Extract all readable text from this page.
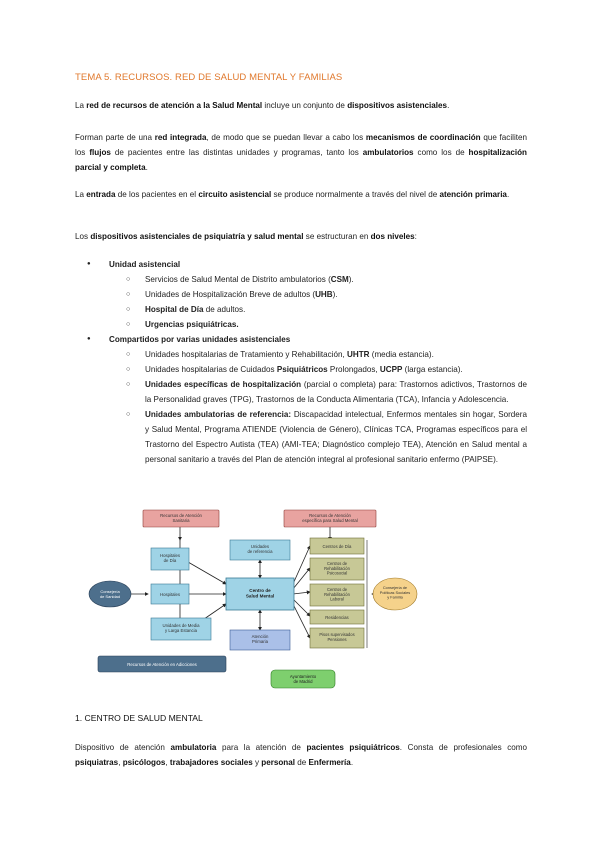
TEMA 5. RECURSOS. RED DE SALUD MENTAL Y FAMILIAS

La red de recursos de atención a la Salud Mental incluye un conjunto de dispositivos asistenciales.

Forman parte de una red integrada, de modo que se puedan llevar a cabo los mecanismos de coordinación que faciliten los flujos de pacientes entre las distintas unidades y programas, tanto los ambulatorios como los de hospitalización parcial y completa.

La entrada de los pacientes en el circuito asistencial se produce normalmente a través del nivel de atención primaria.

Los dispositivos asistenciales de psiquiatría y salud mental se estructuran en dos niveles:

● Unidad asistencial
○ Servicios de Salud Mental de Distrito ambulatorios (CSM).
○ Unidades de Hospitalización Breve de adultos (UHB).
○ Hospital de Día de adultos.
○ Urgencias psiquiátricas.
● Compartidos por varias unidades asistenciales
○ Unidades hospitalarias de Tratamiento y Rehabilitación, UHTR (media estancia).
○ Unidades hospitalarias de Cuidados Psiquiátricos Prolongados, UCPP (larga estancia).
○ Unidades específicas de hospitalización (parcial o completa) para: Trastornos adictivos, Trastornos de la Personalidad graves (TPG), Trastornos de la Conducta Alimentaria (TCA), Infancia y Adolescencia.
○ Unidades ambulatorias de referencia: Discapacidad intelectual, Enfermos mentales sin hogar, Sordera y Salud Mental, Programa ATIENDE (Violencia de Género), Clínicas TCA, Programas específicos para el Trastorno del Espectro Autista (TEA) (AMI-TEA; Diagnóstico complejo TEA), Atención en Salud mental a personal sanitario a través del Plan de atención integral al profesional sanitario enfermo (PAIPSE).
Recursos de Atención Sanitaria
Recursos de Atención específica para Salud Mental
Hospitales de Día
Hospitales
Unidades de Media y Larga Estancia
Unidades de referencia
Centro de Salud Mental
Atención Primaria
Consejería de Sanidad
Centros de Día
Centros de Rehabilitación Psicosocial
Centros de Rehabilitación Laboral
Residencias
Pisos supervisados Pensiones
Consejería de Políticas Sociales y Familia
Recursos de Atención en Adicciones
Ayuntamiento de Madrid
1. CENTRO DE SALUD MENTAL

Dispositivo de atención ambulatoria para la atención de pacientes psiquiátricos. Consta de profesionales como psiquiatras, psicólogos, trabajadores sociales y personal de Enfermería.
